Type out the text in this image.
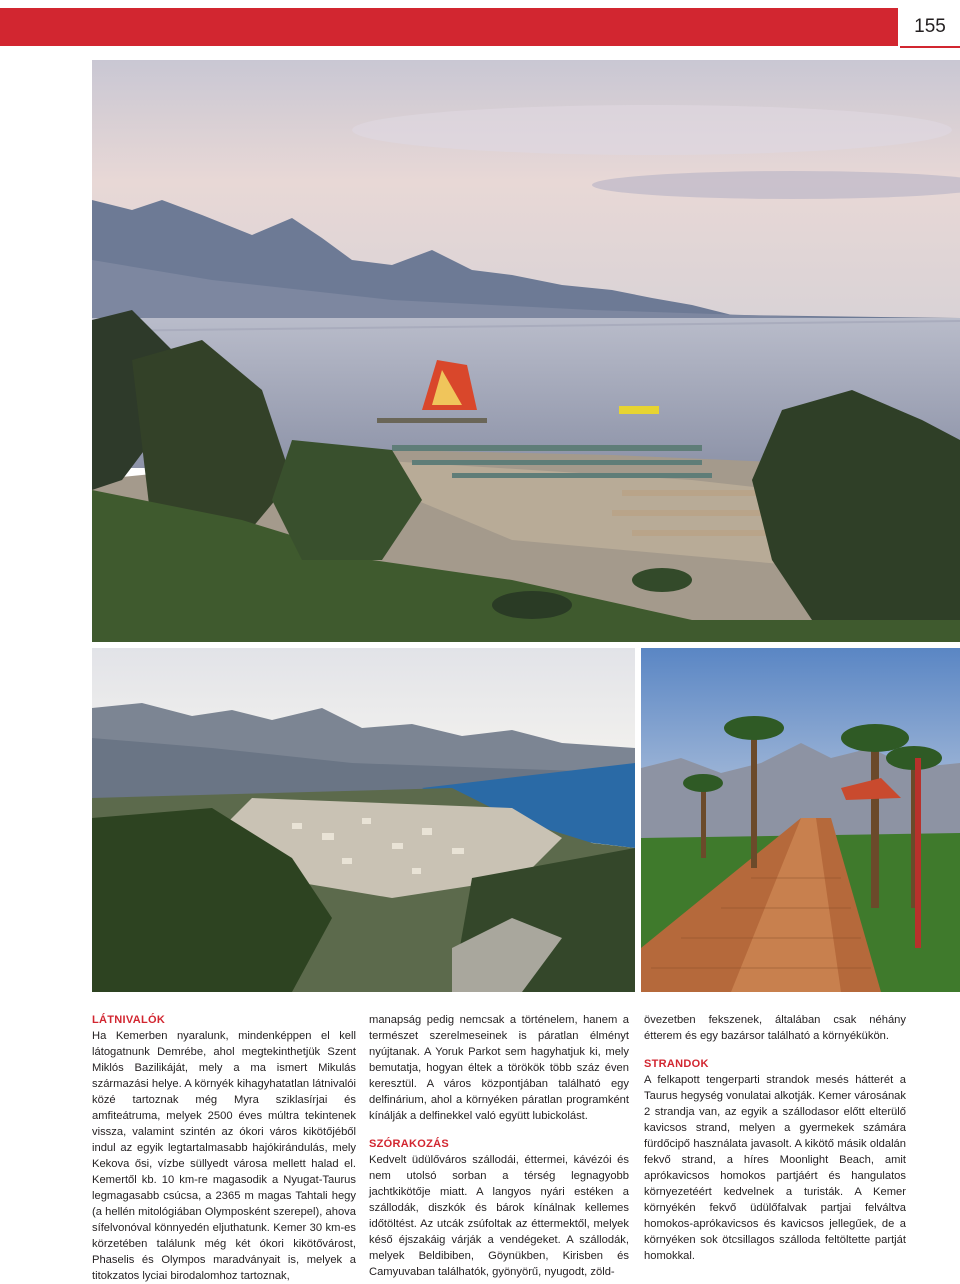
155
LÁTNIVALÓK

Ha Kemerben nyaralunk, mindenképpen el kell látogatnunk Demrébe, ahol megtekinthetjük Szent Miklós Bazilikáját, mely a ma ismert Mikulás származási helye. A környék kihagyhatatlan látnivalói közé tartoznak még Myra sziklasírjai és amfiteátruma, melyek 2500 éves múltra tekintenek vissza, valamint szintén az ókori város kikötőjéből indul az egyik legtartalmasabb hajókirándulás, mely Kekova ősi, vízbe süllyedt városa mellett halad el. Kemertől kb. 10 km-re magasodik a Nyugat-Taurus legmagasabb csúcsa, a 2365 m magas Tahtali hegy (a hellén mitológiában Olymposként szerepel), ahova sífelvonóval könnyedén eljuthatunk. Kemer 30 km-es körzetében találunk még két ókori kikötővárost, Phaselis és Olympos maradványait is, melyek a titokzatos lyciai birodalomhoz tartoznak,

manapság pedig nemcsak a történelem, hanem a természet szerelmeseinek is páratlan élményt nyújtanak. A Yoruk Parkot sem hagyhatjuk ki, mely bemutatja, hogyan éltek a törökök több száz éven keresztül. A város központjában található egy delfinárium, ahol a környéken páratlan programként kínálják a delfinekkel való együtt lubickolást.

SZÓRAKOZÁS

Kedvelt üdülőváros szállodái, éttermei, kávézói és nem utolsó sorban a térség legnagyobb jachtkikötője miatt. A langyos nyári estéken a szállodák, diszkók és bárok kínálnak kellemes időtöltést. Az utcák zsúfoltak az éttermektől, melyek késő éjszakáig várják a vendégeket. A szállodák, melyek Beldibiben, Göynükben, Kirisben és Camyuvaban találhatók, gyönyörű, nyugodt, zöld-

övezetben fekszenek, általában csak néhány étterem és egy bazársor található a környékükön.

STRANDOK

A felkapott tengerparti strandok mesés hátterét a Taurus hegység vonulatai alkotják. Kemer városának 2 strandja van, az egyik a szállodasor előtt elterülő kavicsos strand, melyen a gyermekek számára fürdőcipő használata javasolt. A kikötő másik oldalán fekvő strand, a híres Moonlight Beach, amit aprókavicsos homokos partjáért és hangulatos környezetéért kedvelnek a turisták. A Kemer környékén fekvő üdülőfalvak partjai felváltva homokos-aprókavicsos és kavicsos jellegűek, de a környéken sok ötcsillagos szálloda feltöltette partját homokkal.
